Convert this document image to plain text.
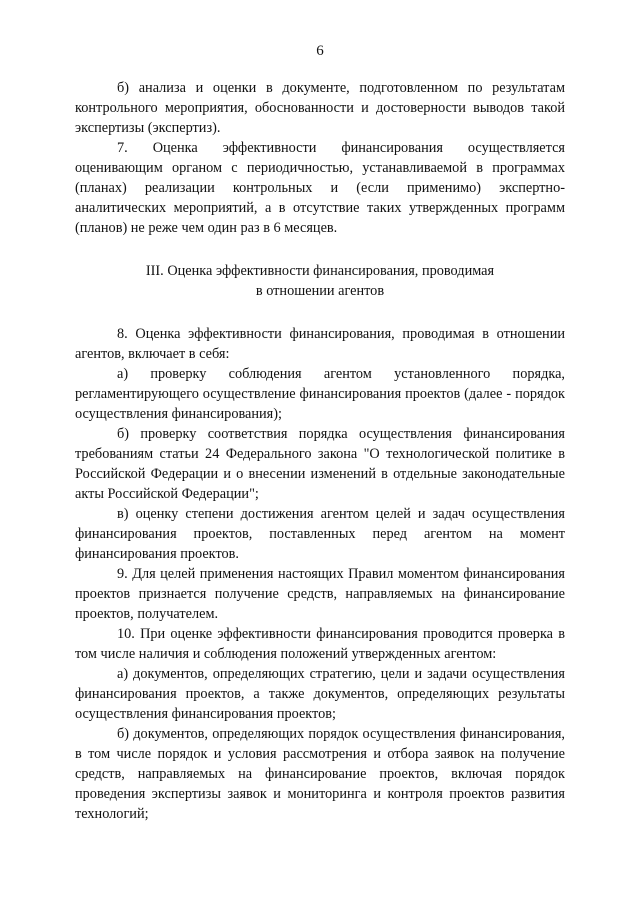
6

б) анализа и оценки в документе, подготовленном по результатам контрольного мероприятия, обоснованности и достоверности выводов такой экспертизы (экспертиз).

7. Оценка эффективности финансирования осуществляется оценивающим органом с периодичностью, устанавливаемой в программах (планах) реализации контрольных и (если применимо) экспертно-аналитических мероприятий, а в отсутствие таких утвержденных программ (планов) не реже чем один раз в 6 месяцев.

III. Оценка эффективности финансирования, проводимая
в отношении агентов

8. Оценка эффективности финансирования, проводимая в отношении агентов, включает в себя:

а) проверку соблюдения агентом установленного порядка, регламентирующего осуществление финансирования проектов (далее - порядок осуществления финансирования);

б) проверку соответствия порядка осуществления финансирования требованиям статьи 24 Федерального закона "О технологической политике в Российской Федерации и о внесении изменений в отдельные законодательные акты Российской Федерации";

в) оценку степени достижения агентом целей и задач осуществления финансирования проектов, поставленных перед агентом на момент финансирования проектов.

9. Для целей применения настоящих Правил моментом финансирования проектов признается получение средств, направляемых на финансирование проектов, получателем.

10. При оценке эффективности финансирования проводится проверка в том числе наличия и соблюдения положений утвержденных агентом:

а) документов, определяющих стратегию, цели и задачи осуществления финансирования проектов, а также документов, определяющих результаты осуществления финансирования проектов;

б) документов, определяющих порядок осуществления финансирования, в том числе порядок и условия рассмотрения и отбора заявок на получение средств, направляемых на финансирование проектов, включая порядок проведения экспертизы заявок и мониторинга и контроля проектов развития технологий;
